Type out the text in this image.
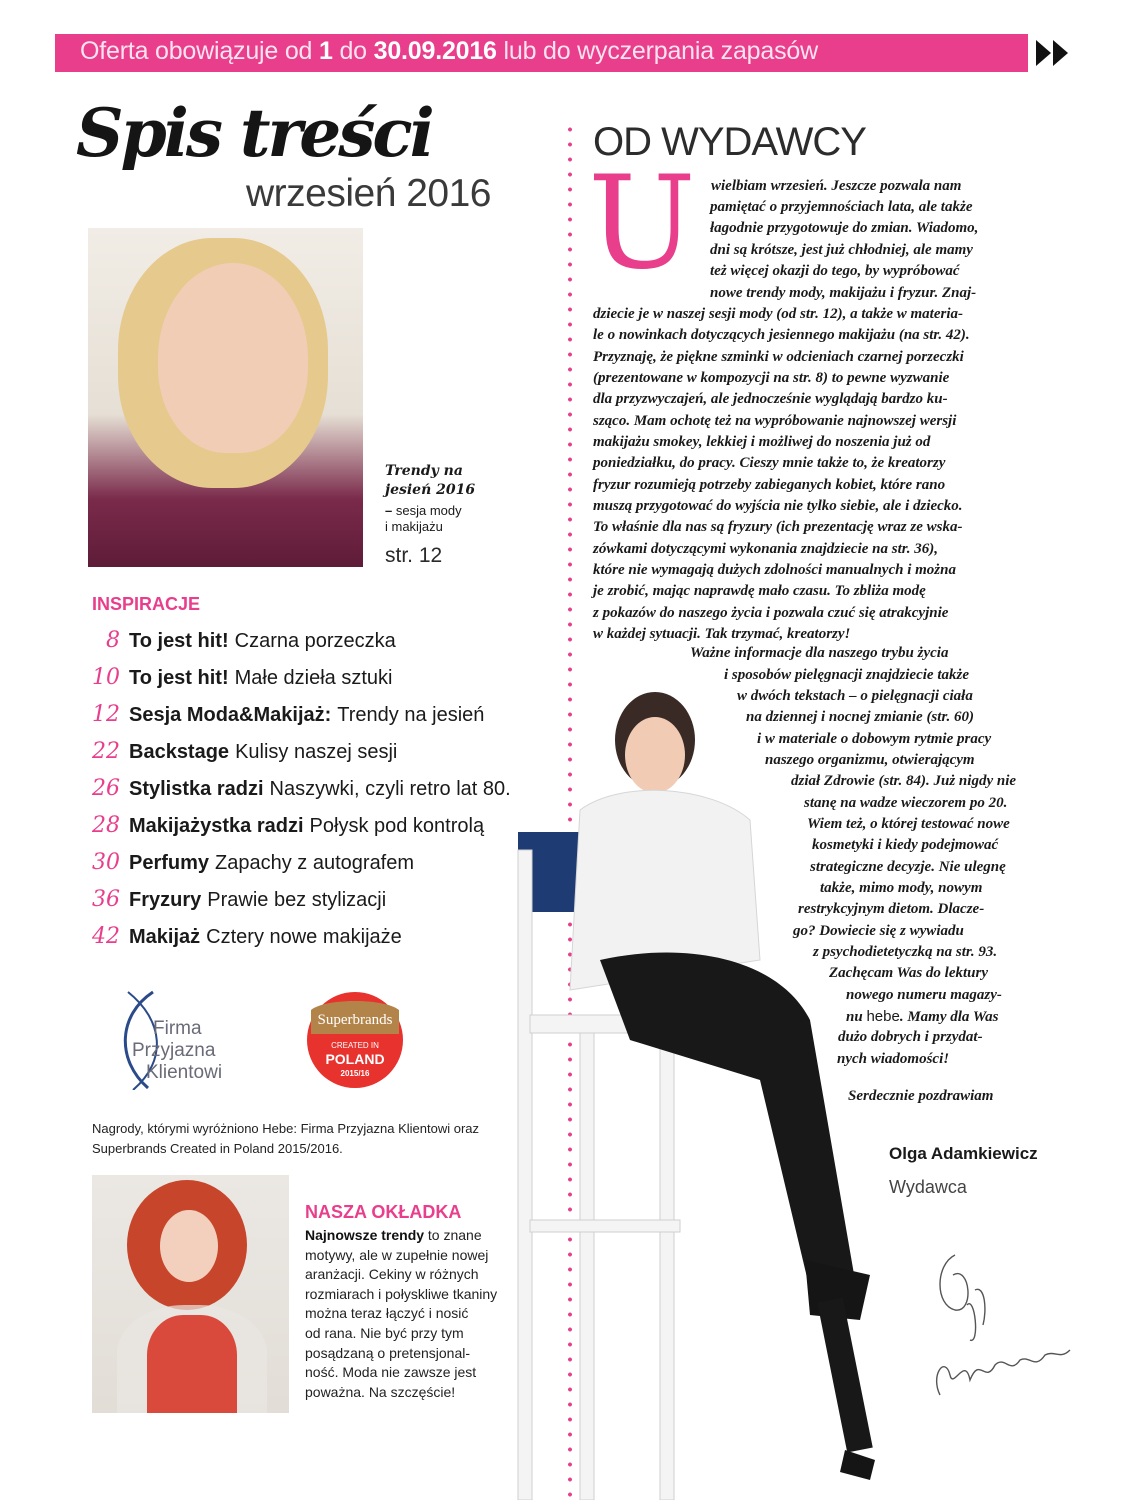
Oferta obowiązuje od 1 do 30.09.2016 lub do wyczerpania zapasów
Spis treści
wrzesień 2016
Trendy na
jesień 2016
– sesja mody
i makijażu
str. 12
INSPIRACJE
8 To jest hit! Czarna porzeczka
10 To jest hit! Małe dzieła sztuki
12 Sesja Moda&Makijaż: Trendy na jesień
22 Backstage Kulisy naszej sesji
26 Stylistka radzi Naszywki, czyli retro lat 80.
28 Makijażystka radzi Połysk pod kontrolą
30 Perfumy Zapachy z autografem
36 Fryzury Prawie bez stylizacji
42 Makijaż Cztery nowe makijaże
Firma
Przyjazna
Klientowi
Superbrands
CREATED IN
POLAND
2015/16
Nagrody, którymi wyróżniono Hebe: Firma Przyjazna Klientowi oraz Superbrands Created in Poland 2015/2016.
NASZA OKŁADKA
Najnowsze trendy to znane
motywy, ale w zupełnie nowej
aranżacji. Cekiny w różnych
rozmiarach i połyskliwe tkaniny
można teraz łączyć i nosić
od rana. Nie być przy tym
posądzaną o pretensjonal-
ność. Moda nie zawsze jest
poważna. Na szczęście!
OD WYDAWCY
U wielbiam wrzesień. Jeszcze pozwala nam
pamiętać o przyjemnościach lata, ale także
łagodnie przygotowuje do zmian. Wiadomo,
dni są krótsze, jest już chłodniej, ale mamy
też więcej okazji do tego, by wypróbować
nowe trendy mody, makijażu i fryzur. Znaj-
dziecie je w naszej sesji mody (od str. 12), a także w materia-
le o nowinkach dotyczących jesiennego makijażu (na str. 42).
Przyznaję, że piękne szminki w odcieniach czarnej porzeczki
(prezentowane w kompozycji na str. 8) to pewne wyzwanie
dla przyzwyczajeń, ale jednocześnie wyglądają bardzo ku-
sząco. Mam ochotę też na wypróbowanie najnowszej wersji
makijażu smokey, lekkiej i możliwej do noszenia już od
poniedziałku, do pracy. Cieszy mnie także to, że kreatorzy
fryzur rozumieją potrzeby zabieganych kobiet, które rano
muszą przygotować do wyjścia nie tylko siebie, ale i dziecko.
To właśnie dla nas są fryzury (ich prezentację wraz ze wska-
zówkami dotyczącymi wykonania znajdziecie na str. 36),
które nie wymagają dużych zdolności manualnych i można
je zrobić, mając naprawdę mało czasu. To zbliża modę
z pokazów do naszego życia i pozwala czuć się atrakcyjnie
w każdej sytuacji. Tak trzymać, kreatorzy!
Ważne informacje dla naszego trybu życia
i sposobów pielęgnacji znajdziecie także
w dwóch tekstach – o pielęgnacji ciała
na dziennej i nocnej zmianie (str. 60)
i w materiale o dobowym rytmie pracy
naszego organizmu, otwierającym
dział Zdrowie (str. 84). Już nigdy nie
stanę na wadze wieczorem po 20.
Wiem też, o której testować nowe
kosmetyki i kiedy podejmować
strategiczne decyzje. Nie ulegnę
także, mimo mody, nowym
restrykcyjnym dietom. Dlacze-
go? Dowiecie się z wywiadu
z psychodietetyczką na str. 93.
Zachęcam Was do lektury
nowego numeru magazy-
nu hebe. Mamy dla Was
dużo dobrych i przydat-
nych wiadomości!
Serdecznie pozdrawiam
Olga Adamkiewicz
Wydawca
